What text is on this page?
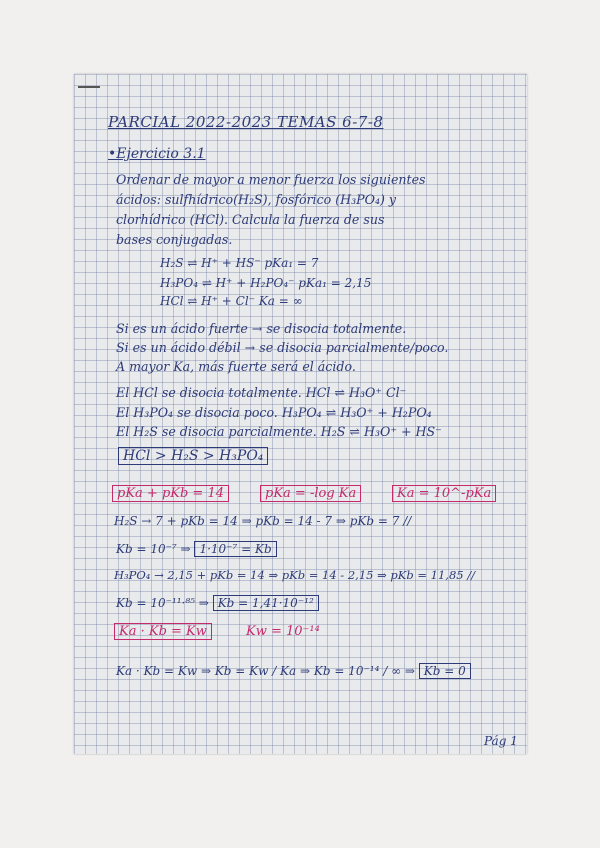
PARCIAL 2022-2023 TEMAS 6-7-8
•Ejercicio 3.1
Ordenar de mayor a menor fuerza los siguientes
ácidos: sulfhídrico(H₂S), fosfórico (H₃PO₄) y
clorhídrico (HCl). Calcula la fuerza de sus
bases conjugadas.
H₂S ⇌ H⁺ + HS⁻ pKa₁ = 7
H₃PO₄ ⇌ H⁺ + H₂PO₄⁻ pKa₁ = 2,15
HCl ⇌ H⁺ + Cl⁻ Ka = ∞
Si es un ácido fuerte → se disocia totalmente.
Si es un ácido débil → se disocia parcialmente/poco.
A mayor Ka, más fuerte será el ácido.
El HCl se disocia totalmente. HCl ⇌ H₃O⁺ Cl⁻
El H₃PO₄ se disocia poco. H₃PO₄ ⇌ H₃O⁺ + H₂PO₄
El H₂S se disocia parcialmente. H₂S ⇌ H₃O⁺ + HS⁻
HCl > H₂S > H₃PO₄
pKa + pKb = 14	pKa = -log Ka	Ka = 10^-pKa
H₂S → 7 + pKb = 14 ⇒ pKb = 14 - 7 ⇒ pKb = 7 //
Kb = 10⁻⁷ ⇒ 1·10⁻⁷ = Kb
H₃PO₄ → 2,15 + pKb = 14 ⇒ pKb = 14 - 2,15 ⇒ pKb = 11,85 //
Kb = 10⁻¹¹·⁸⁵ ⇒ Kb = 1,41·10⁻¹²
Ka · Kb = Kw	Kw = 10⁻¹⁴
Ka · Kb = Kw ⇒ Kb = Kw / Ka ⇒ Kb = 10⁻¹⁴ / ∞ ⇒ Kb = 0
Pág 1
